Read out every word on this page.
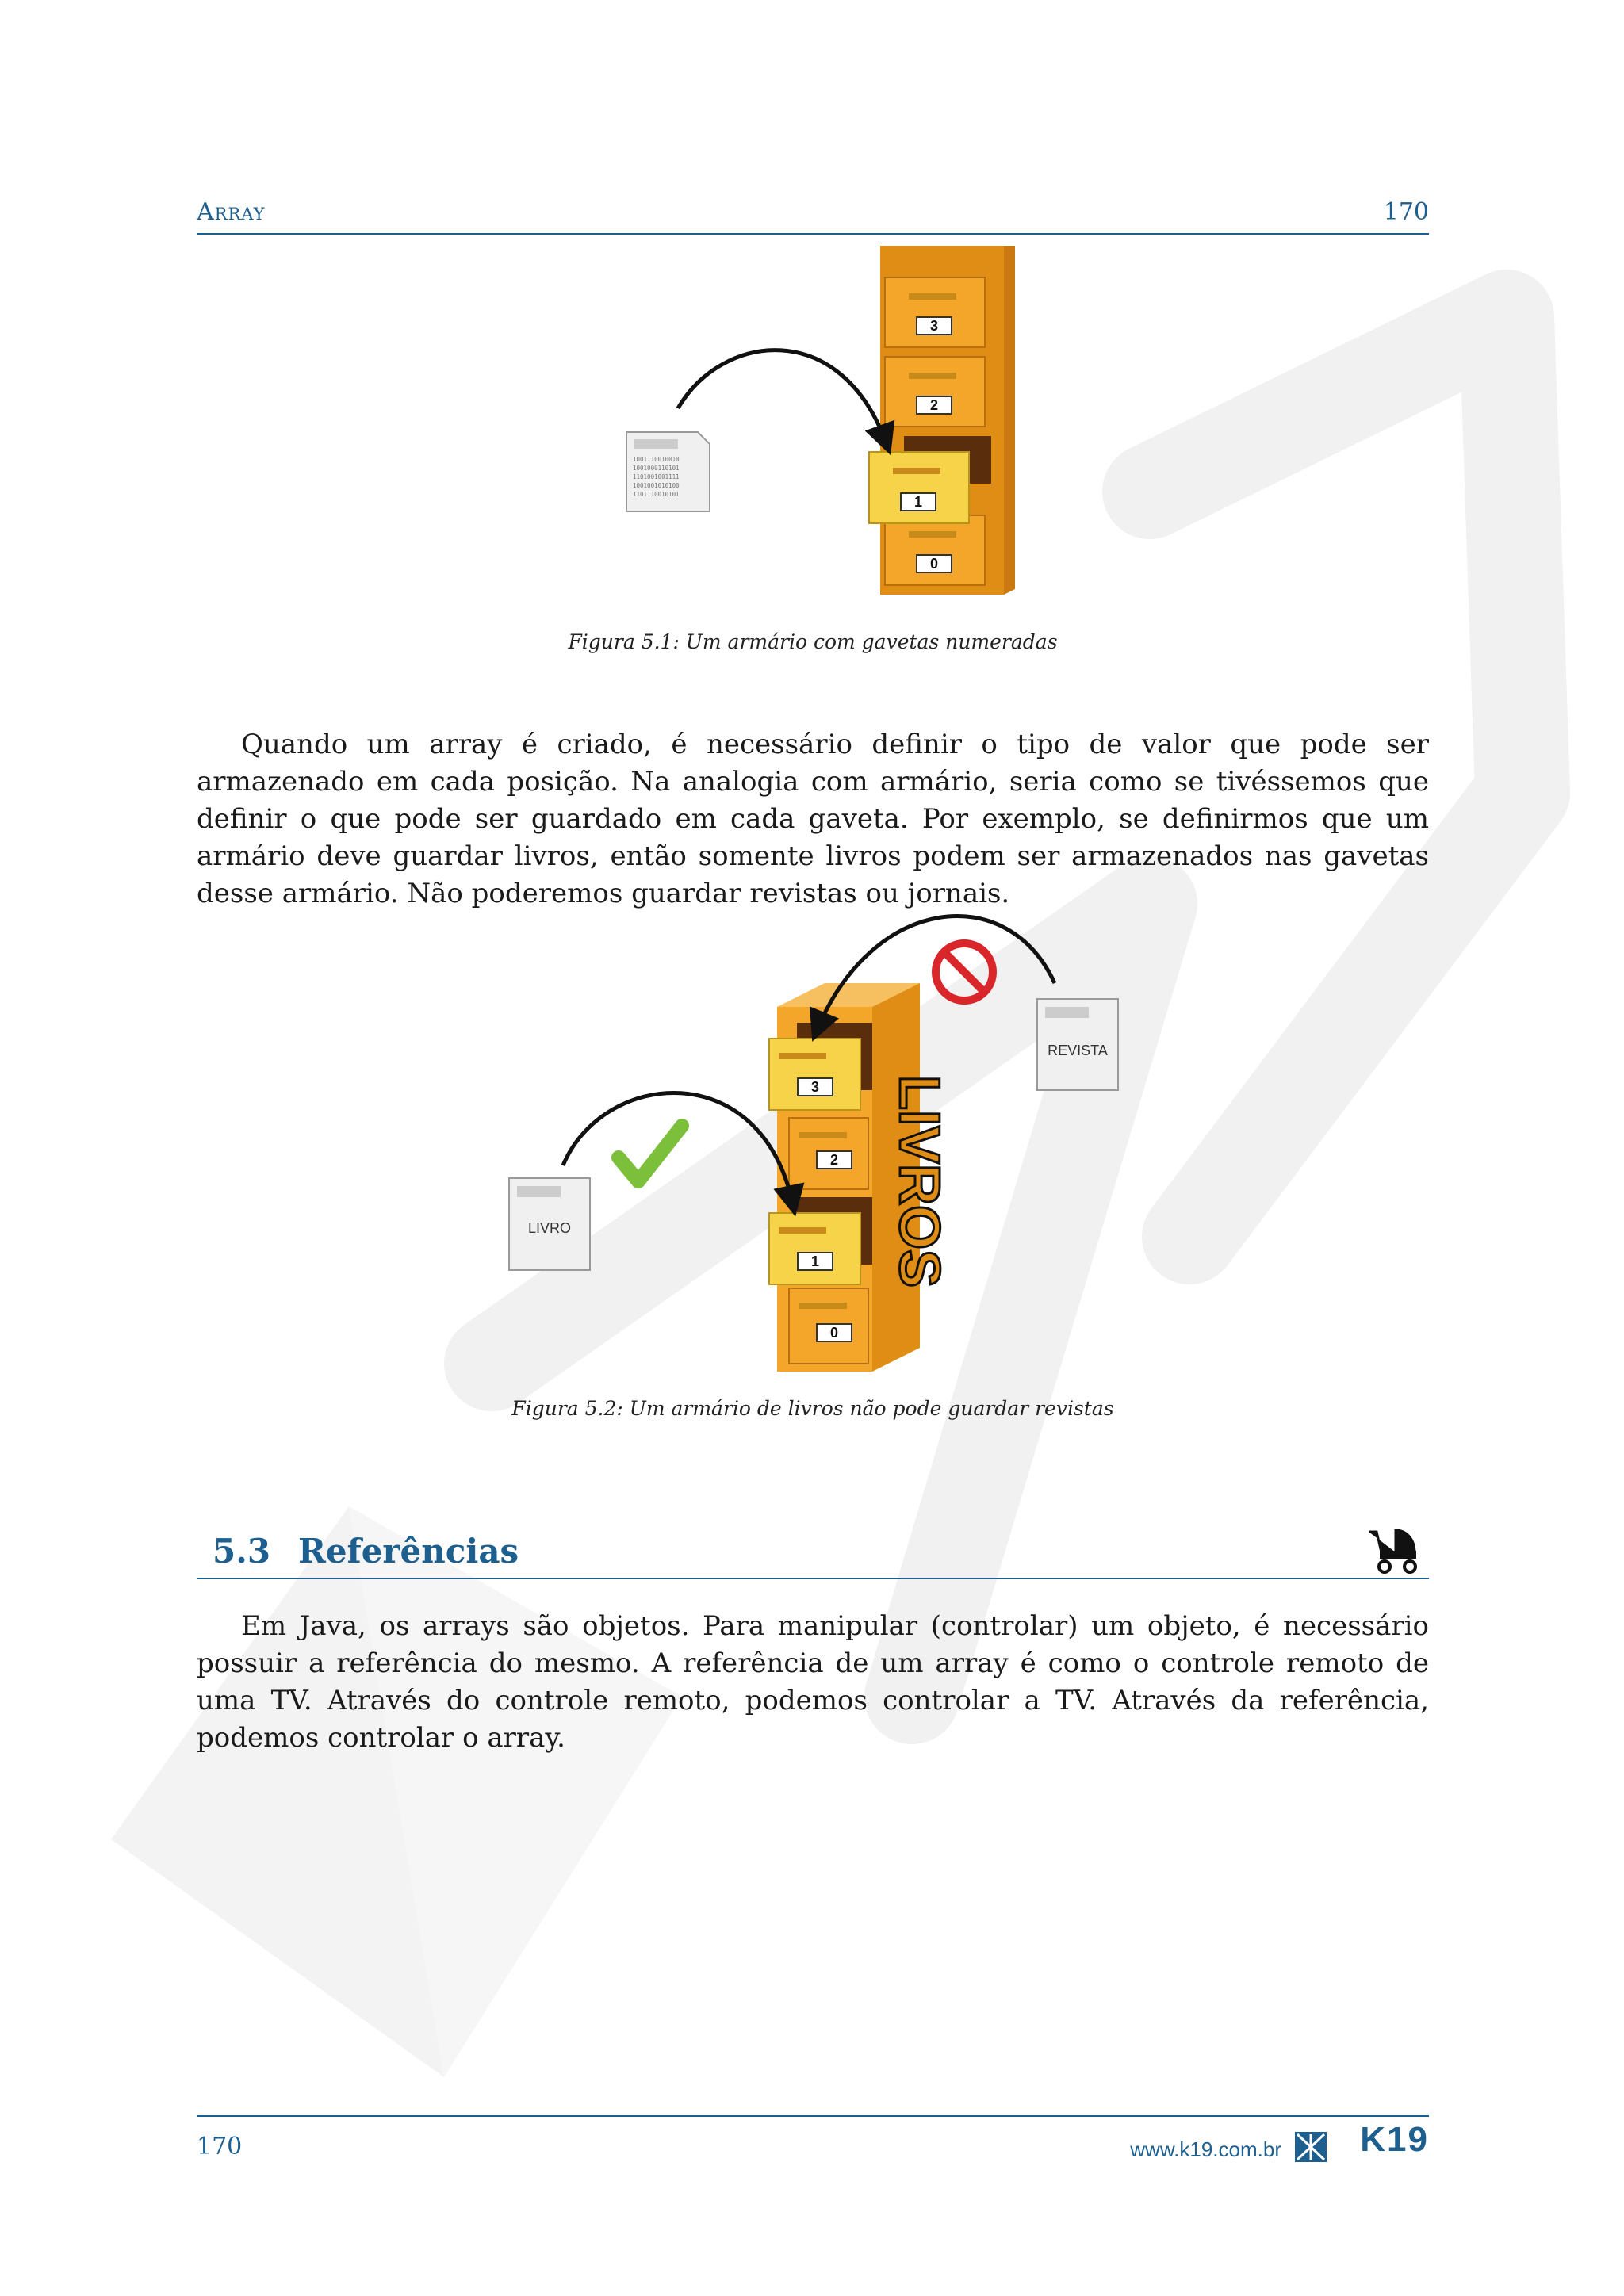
Array	170
3
2
1
0
1001110010010
1001000110101
1101001001111
1001001010100
1101110010101
Figura 5.1: Um armário com gavetas numeradas
Quando um array é criado, é necessário definir o tipo de valor que pode ser armazenado em cada posição. Na analogia com armário, seria como se tivéssemos que definir o que pode ser guardado em cada gaveta. Por exemplo, se definirmos que um armário deve guardar livros, então somente livros podem ser armazenados nas gavetas desse armário. Não poderemos guardar revistas ou jornais.
LIVROS
3
2
1
0
REVISTA
LIVRO
Figura 5.2: Um armário de livros não pode guardar revistas
5.3 Referências
Em Java, os arrays são objetos. Para manipular (controlar) um objeto, é necessário possuir a referência do mesmo. A referência de um array é como o controle remoto de uma TV. Através do controle remoto, podemos controlar a TV. Através da referência, podemos controlar o array.
170	www.k19.com.br K19
